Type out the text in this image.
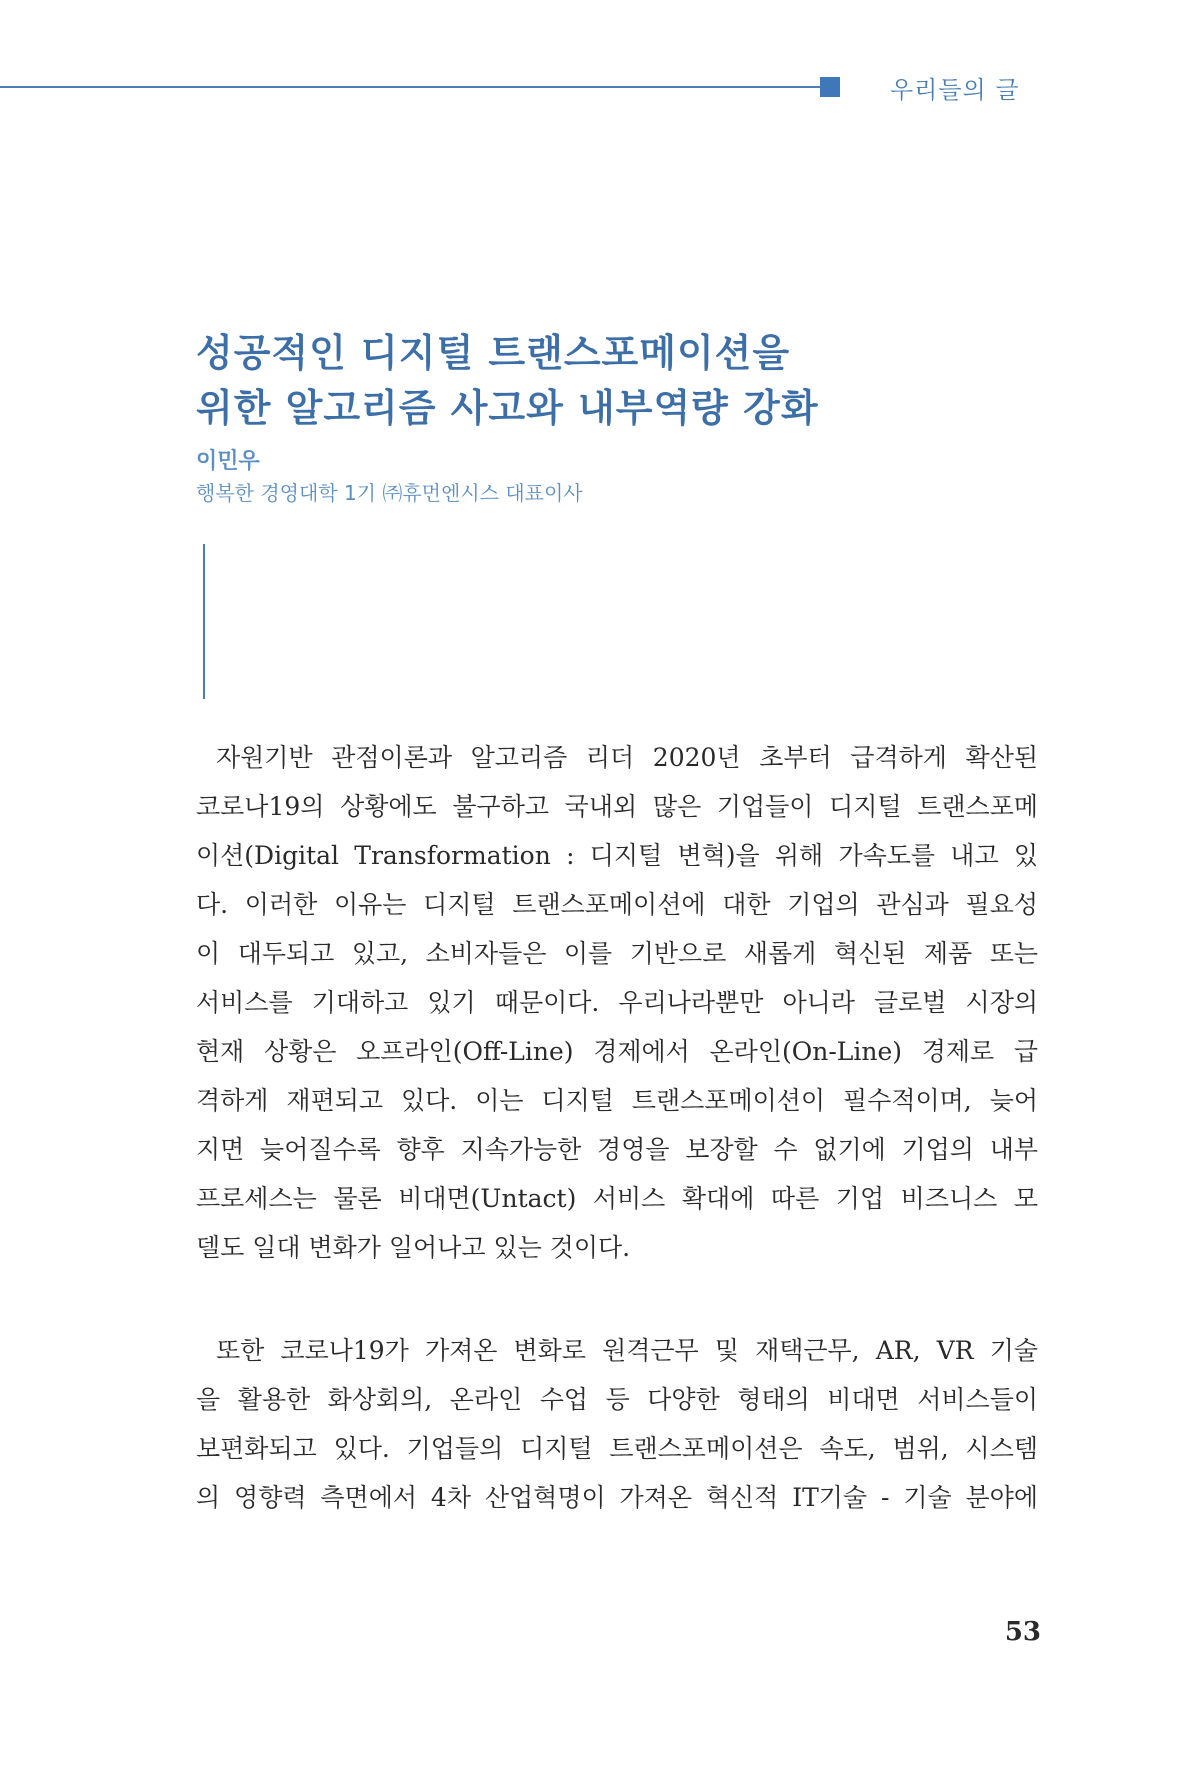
우리들의 글
성공적인 디지털 트랜스포메이션을
위한 알고리즘 사고와 내부역량 강화
이민우
행복한 경영대학 1기 ㈜휴먼엔시스 대표이사
자원기반 관점이론과 알고리즘 리더 2020년 초부터 급격하게 확산된
코로나19의 상황에도 불구하고 국내외 많은 기업들이 디지털 트랜스포메
이션(Digital Transformation : 디지털 변혁)을 위해 가속도를 내고 있
다. 이러한 이유는 디지털 트랜스포메이션에 대한 기업의 관심과 필요성
이 대두되고 있고, 소비자들은 이를 기반으로 새롭게 혁신된 제품 또는
서비스를 기대하고 있기 때문이다. 우리나라뿐만 아니라 글로벌 시장의
현재 상황은 오프라인(Off-Line) 경제에서 온라인(On-Line) 경제로 급
격하게 재편되고 있다. 이는 디지털 트랜스포메이션이 필수적이며, 늦어
지면 늦어질수록 향후 지속가능한 경영을 보장할 수 없기에 기업의 내부
프로세스는 물론 비대면(Untact) 서비스 확대에 따른 기업 비즈니스 모
델도 일대 변화가 일어나고 있는 것이다.
또한 코로나19가 가져온 변화로 원격근무 및 재택근무, AR, VR 기술
을 활용한 화상회의, 온라인 수업 등 다양한 형태의 비대면 서비스들이
보편화되고 있다. 기업들의 디지털 트랜스포메이션은 속도, 범위, 시스템
의 영향력 측면에서 4차 산업혁명이 가져온 혁신적 IT기술 - 기술 분야에
53
